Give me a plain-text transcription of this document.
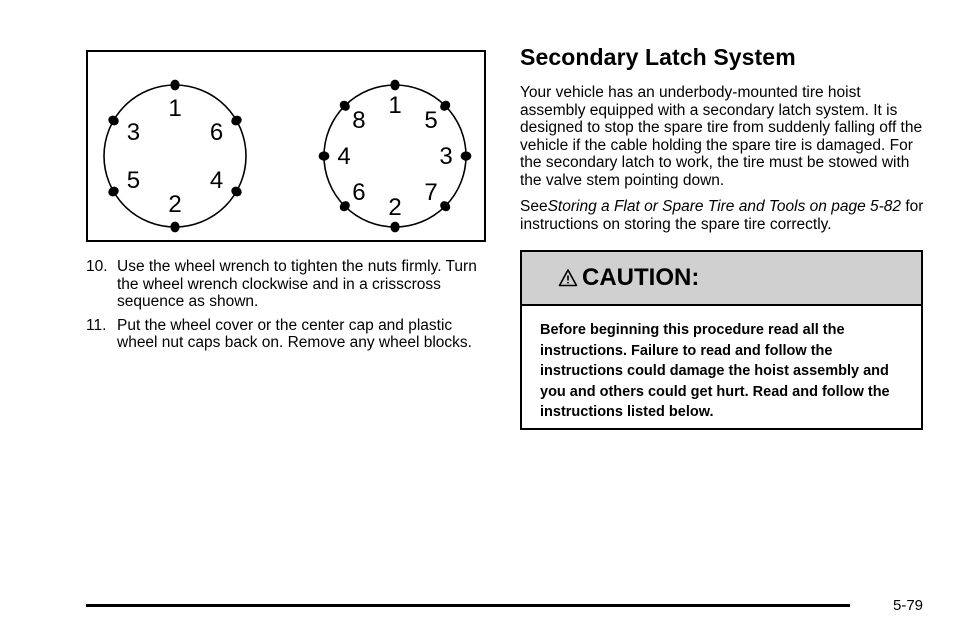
1
6
4
2
5
3
1
5
3
7
2
6
4
8
10. Use the wheel wrench to tighten the nuts firmly. Turn the wheel wrench clockwise and in a crisscross sequence as shown.
11. Put the wheel cover or the center cap and plastic wheel nut caps back on. Remove any wheel blocks.
Secondary Latch System

Your vehicle has an underbody-mounted tire hoist assembly equipped with a secondary latch system. It is designed to stop the spare tire from suddenly falling off the vehicle if the cable holding the spare tire is damaged. For the secondary latch to work, the tire must be stowed with the valve stem pointing down.

SeeStoring a Flat or Spare Tire and Tools on page 5-82 for instructions on storing the spare tire correctly.

CAUTION:
Before beginning this procedure read all the instructions. Failure to read and follow the instructions could damage the hoist assembly and you and others could get hurt. Read and follow the instructions listed below.
5-79
